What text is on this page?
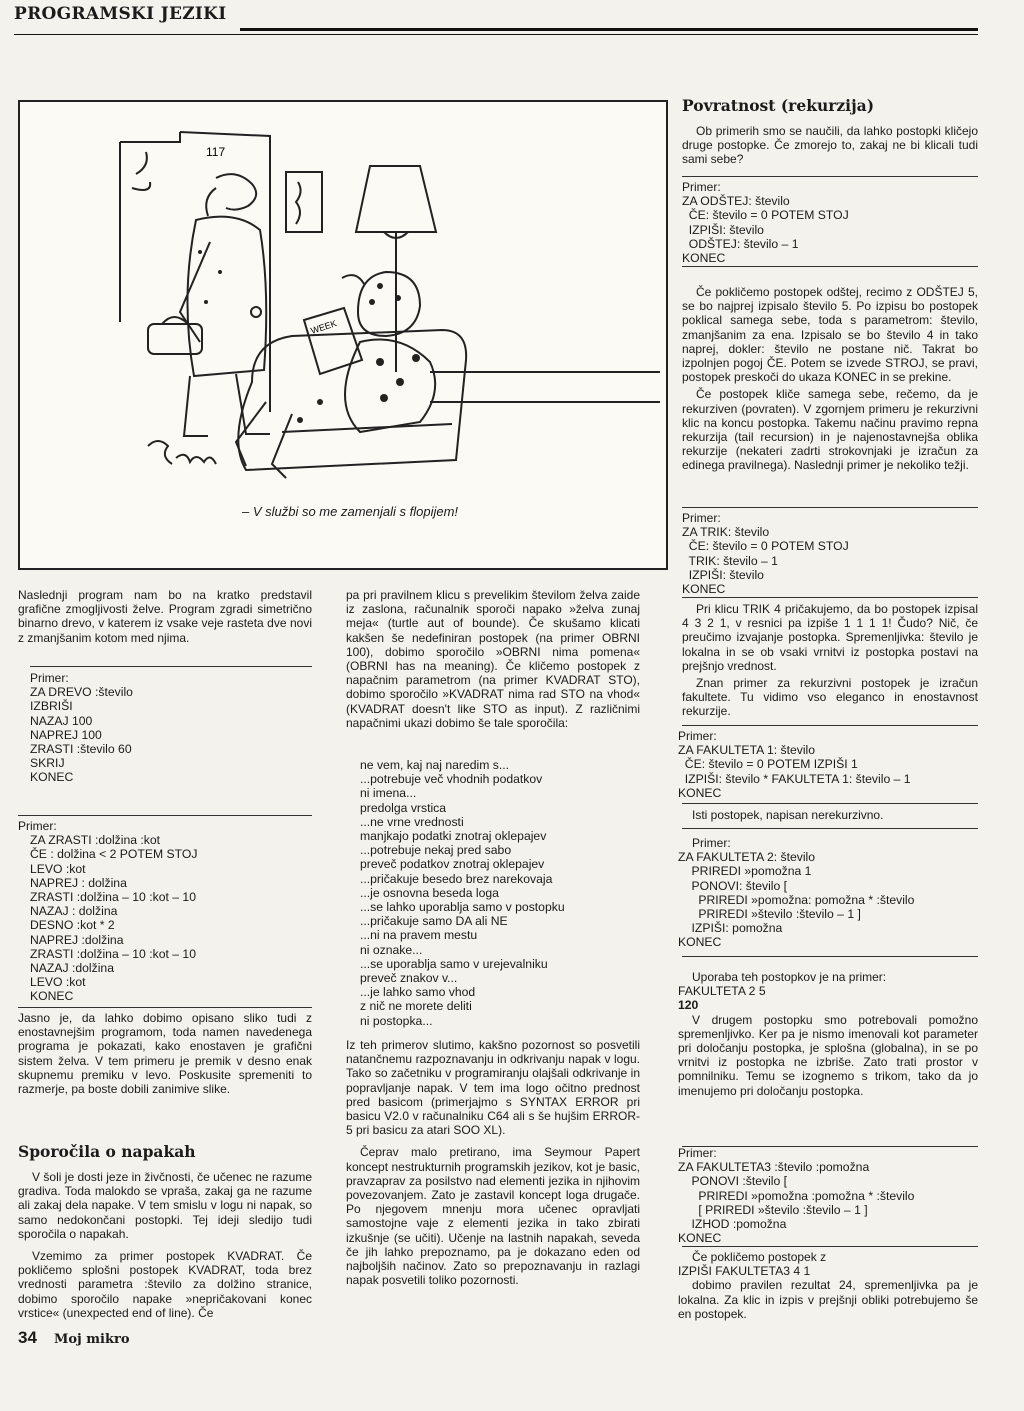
PROGRAMSKI JEZIKI
117
WEEK
– V službi so me zamenjali s flopijem!

Naslednji program nam bo na kratko predstavil grafične zmogljivosti želve. Program zgradi simetrično binarno drevo, v katerem iz vsake veje rasteta dve novi z zmanjšanim kotom med njima.

Primer:
ZA DREVO :število
IZBRIŠI
NAZAJ 100
NAPREJ 100
ZRASTI :število 60
SKRIJ
KONEC
Primer:
ZA ZRASTI :dolžina :kot
ČE : dolžina < 2 POTEM STOJ
LEVO :kot
NAPREJ : dolžina
ZRASTI :dolžina – 10 :kot – 10
NAZAJ : dolžina
DESNO :kot * 2
NAPREJ :dolžina
ZRASTI :dolžina – 10 :kot – 10
NAZAJ :dolžina
LEVO :kot
KONEC

Jasno je, da lahko dobimo opisano sliko tudi z enostavnejšim programom, toda namen navedenega programa je pokazati, kako enostaven je grafični sistem želva. V tem primeru je premik v desno enak skupnemu premiku v levo. Poskusite spremeniti to razmerje, pa boste dobili zanimive slike.

Sporočila o napakah

V šoli je dosti jeze in živčnosti, če učenec ne razume gradiva. Toda malokdo se vpraša, zakaj ga ne razume ali zakaj dela napake. V tem smislu v logu ni napak, so samo nedokončani postopki. Tej ideji sledijo tudi sporočila o napakah.

Vzemimo za primer postopek KVADRAT. Če pokličemo splošni postopek KVADRAT, toda brez vrednosti parametra :število za dolžino stranice, dobimo sporočilo napake »nepričakovani konec vrstice« (unexpected end of line). Če

pa pri pravilnem klicu s prevelikim številom želva zaide iz zaslona, računalnik sporoči napako »želva zunaj meja« (turtle aut of bounde). Če skušamo klicati kakšen še nedefiniran postopek (na primer OBRNI 100), dobimo sporočilo »OBRNI nima pomena« (OBRNI has na meaning). Če kličemo postopek z napačnim parametrom (na primer KVADRAT STO), dobimo sporočilo »KVADRAT nima rad STO na vhod« (KVADRAT doesn't like STO as input). Z različnimi napačnimi ukazi dobimo še tale sporočila:

ne vem, kaj naj naredim s...
...potrebuje več vhodnih podatkov
ni imena...
predolga vrstica
...ne vrne vrednosti
manjkajo podatki znotraj oklepajev
...potrebuje nekaj pred sabo
preveč podatkov znotraj oklepajev
...pričakuje besedo brez narekovaja
...je osnovna beseda loga
...se lahko uporablja samo v postopku
...pričakuje samo DA ali NE
...ni na pravem mestu
ni oznake...
...se uporablja samo v urejevalniku
preveč znakov v...
...je lahko samo vhod
z nič ne morete deliti
ni postopka...

Iz teh primerov slutimo, kakšno pozornost so posvetili natančnemu razpoznavanju in odkrivanju napak v logu. Tako so začetniku v programiranju olajšali odkrivanje in popravljanje napak. V tem ima logo očitno prednost pred basicom (primerjajmo s SYNTAX ERROR pri basicu V2.0 v računalniku C64 ali s še hujšim ERROR-5 pri basicu za atari SOO XL).

Čeprav malo pretirano, ima Seymour Papert koncept nestrukturnih programskih jezikov, kot je basic, pravzaprav za posilstvo nad elementi jezika in njihovim povezovanjem. Zato je zastavil koncept loga drugače. Po njegovem mnenju mora učenec opravljati samostojne vaje z elementi jezika in tako zbirati izkušnje (se učiti). Učenje na lastnih napakah, seveda če jih lahko prepoznamo, pa je dokazano eden od najboljših načinov. Zato so prepoznavanju in razlagi napak posvetili toliko pozornosti.

Povratnost (rekurzija)

Ob primerih smo se naučili, da lahko postopki kličejo druge postopke. Če zmorejo to, zakaj ne bi klicali tudi sami sebe?

Primer:
ZA ODŠTEJ: število
ČE: število = 0 POTEM STOJ
IZPIŠI: število
ODŠTEJ: število – 1
KONEC

Če pokličemo postopek odštej, recimo z ODŠTEJ 5, se bo najprej izpisalo število 5. Po izpisu bo postopek poklical samega sebe, toda s parametrom: število, zmanjšanim za ena. Izpisalo se bo število 4 in tako naprej, dokler: število ne postane nič. Takrat bo izpolnjen pogoj ČE. Potem se izvede STROJ, se pravi, postopek preskoči do ukaza KONEC in se prekine.

Če postopek kliče samega sebe, rečemo, da je rekurziven (povraten). V zgornjem primeru je rekurzivni klic na koncu postopka. Takemu načinu pravimo repna rekurzija (tail recursion) in je najenostavnejša oblika rekurzije (nekateri zadrti strokovnjaki je izračun za edinega pravilnega). Naslednji primer je nekoliko težji.

Primer:
ZA TRIK: število
ČE: število = 0 POTEM STOJ
TRIK: število – 1
IZPIŠI: število
KONEC

Pri klicu TRIK 4 pričakujemo, da bo postopek izpisal 4 3 2 1, v resnici pa izpiše 1 1 1 1! Čudo? Nič, če preučimo izvajanje postopka. Spremenljivka: število je lokalna in se ob vsaki vrnitvi iz postopka postavi na prejšnjo vrednost.

Znan primer za rekurzivni postopek je izračun fakultete. Tu vidimo vso eleganco in enostavnost rekurzije.

Primer:
ZA FAKULTETA 1: število
ČE: število = 0 POTEM IZPIŠI 1
IZPIŠI: število * FAKULTETA 1: število – 1
KONEC
Isti postopek, napisan nerekurzivno.
Primer:
ZA FAKULTETA 2: število
PRIREDI »pomožna 1
PONOVI: število [
PRIREDI »pomožna: pomožna * :število
PRIREDI »število :število – 1 ]
IZPIŠI: pomožna
KONEC

Uporaba teh postopkov je na primer:

FAKULTETA 2 5
120

V drugem postopku smo potrebovali pomožno spremenljivko. Ker pa je nismo imenovali kot parameter pri določanju postopka, je splošna (globalna), in se po vrnitvi iz postopka ne izbriše. Zato trati prostor v pomnilniku. Temu se izognemo s trikom, tako da jo imenujemo pri določanju postopka.

Primer:
ZA FAKULTETA3 :število :pomožna
PONOVI :število [
PRIREDI »pomožna :pomožna * :število
[ PRIREDI »število :število – 1 ]
IZHOD :pomožna
KONEC

Če pokličemo postopek z

IZPIŠI FAKULTETA3 4 1

dobimo pravilen rezultat 24, spremenljivka pa je lokalna. Za klic in izpis v prejšnji obliki potrebujemo še en postopek.

34 Moj mikro
